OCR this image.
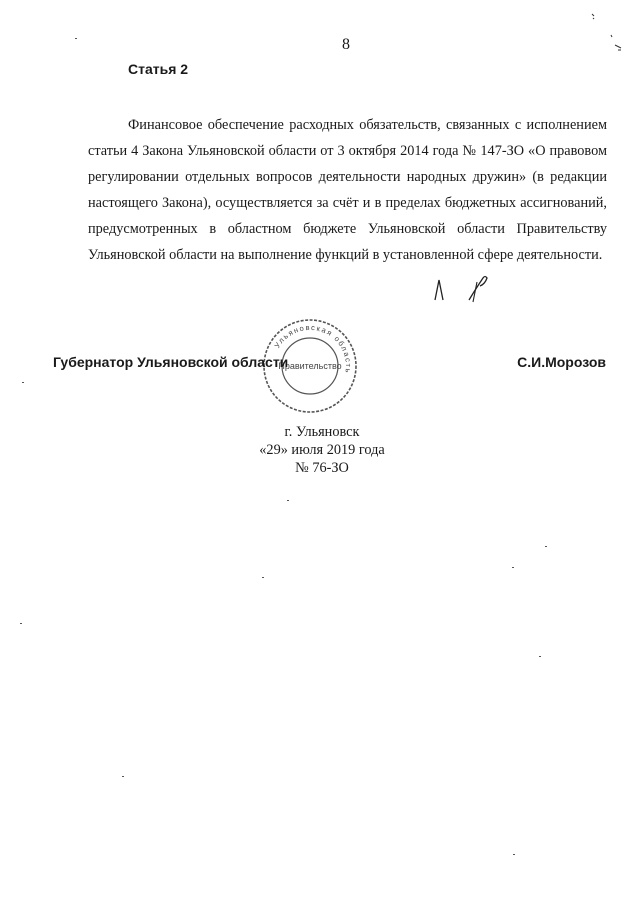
8
Статья 2

Финансовое обеспечение расходных обязательств, связанных с исполнением статьи 4 Закона Ульяновской области от 3 октября 2014 года № 147-ЗО «О правовом регулировании отдельных вопросов деятельности народных дружин» (в редакции настоящего Закона), осуществляется за счёт и в пределах бюджетных ассигнований, предусмотренных в областном бюджете Ульяновской области Правительству Ульяновской области на выполнение функций в установленной сфере деятельности.

Ульяновская область
Правительство
Губернатор Ульяновской области	С.И.Морозов
г. Ульяновск
«29» июля 2019 года
№ 76-ЗО
